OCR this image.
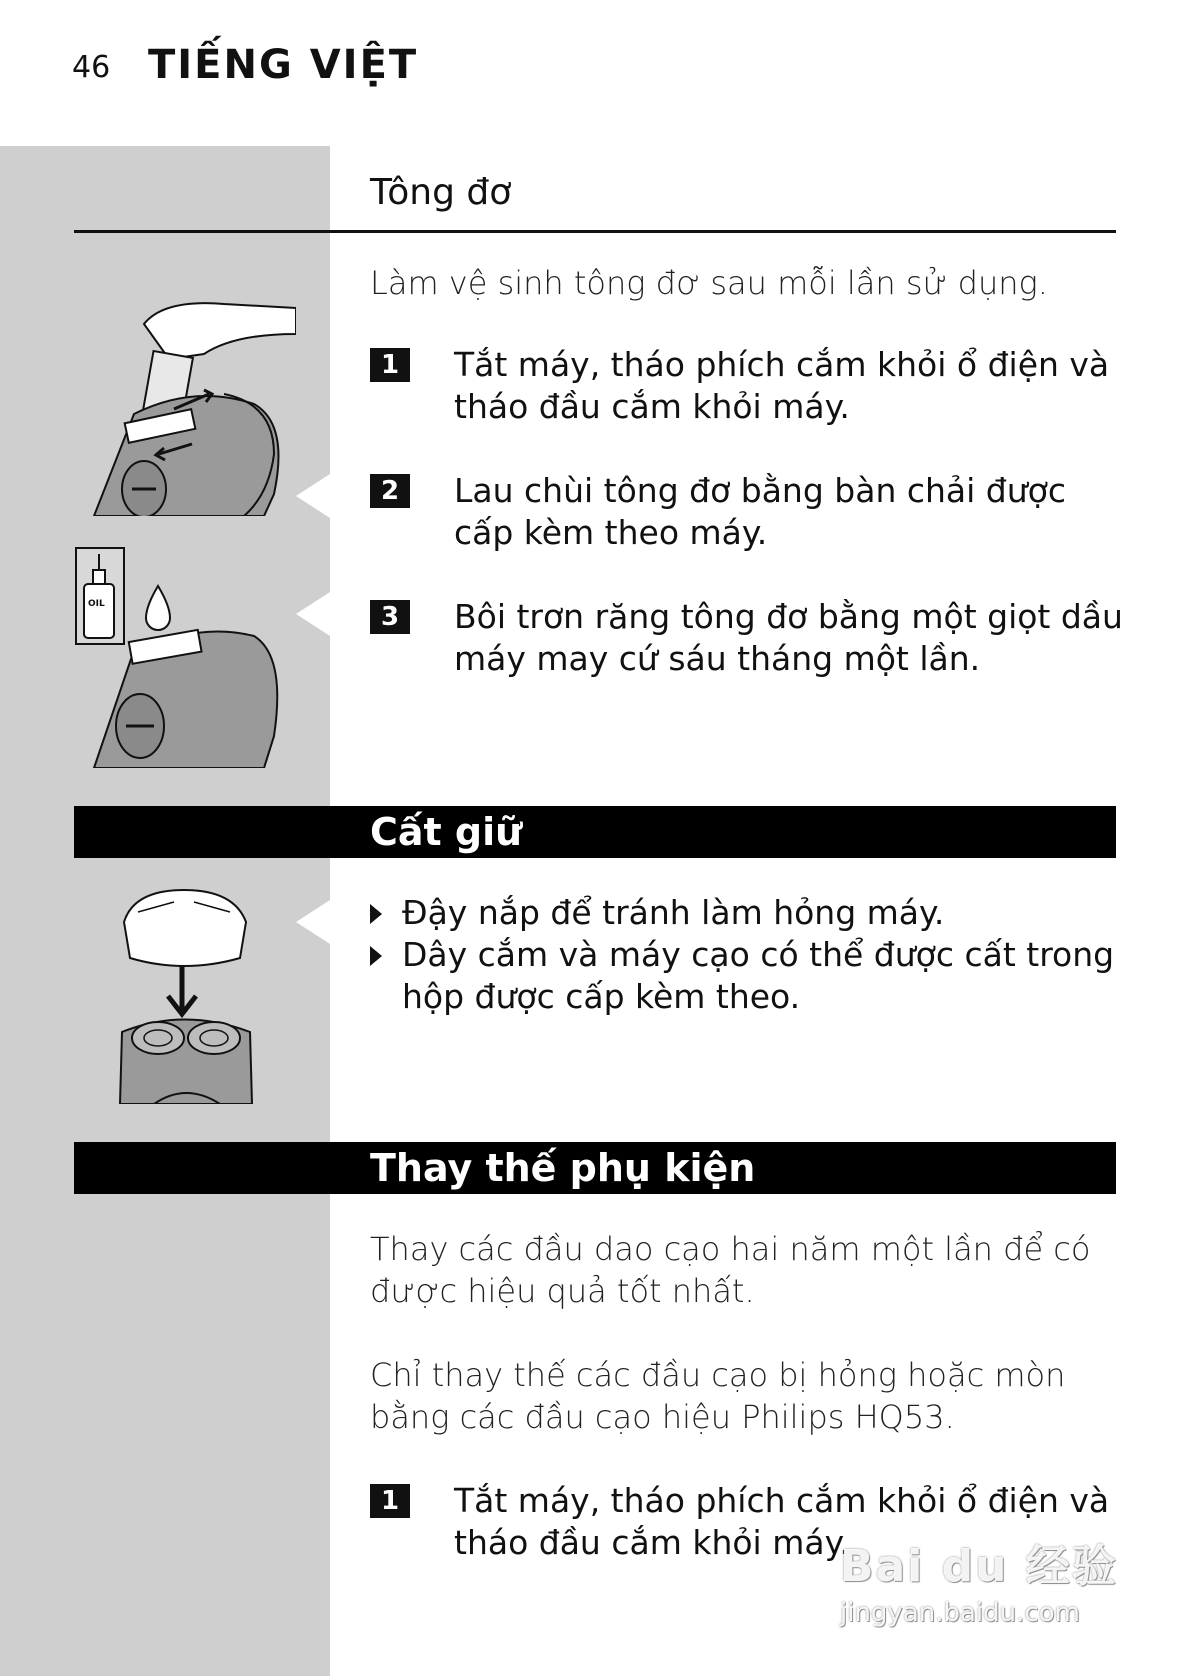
46 TIẾNG VIỆT
Tông đơ
Làm vệ sinh tông đơ sau mỗi lần sử dụng.
1	Tắt máy, tháo phích cắm khỏi ổ điện và tháo đầu cắm khỏi máy.
2	Lau chùi tông đơ bằng bàn chải được cấp kèm theo máy.
3	Bôi trơn răng tông đơ bằng một giọt dầu máy may cứ sáu tháng một lần.
OIL
Cất giữ
Đậy nắp để tránh làm hỏng máy.
Dây cắm và máy cạo có thể được cất trong hộp được cấp kèm theo.
Thay thế phụ kiện
Thay các đầu dao cạo hai năm một lần để có được hiệu quả tốt nhất.
Chỉ thay thế các đầu cạo bị hỏng hoặc mòn bằng các đầu cạo hiệu Philips HQ53.
1	Tắt máy, tháo phích cắm khỏi ổ điện và tháo đầu cắm khỏi máy.
Bai du 经验
jingyan.baidu.com
